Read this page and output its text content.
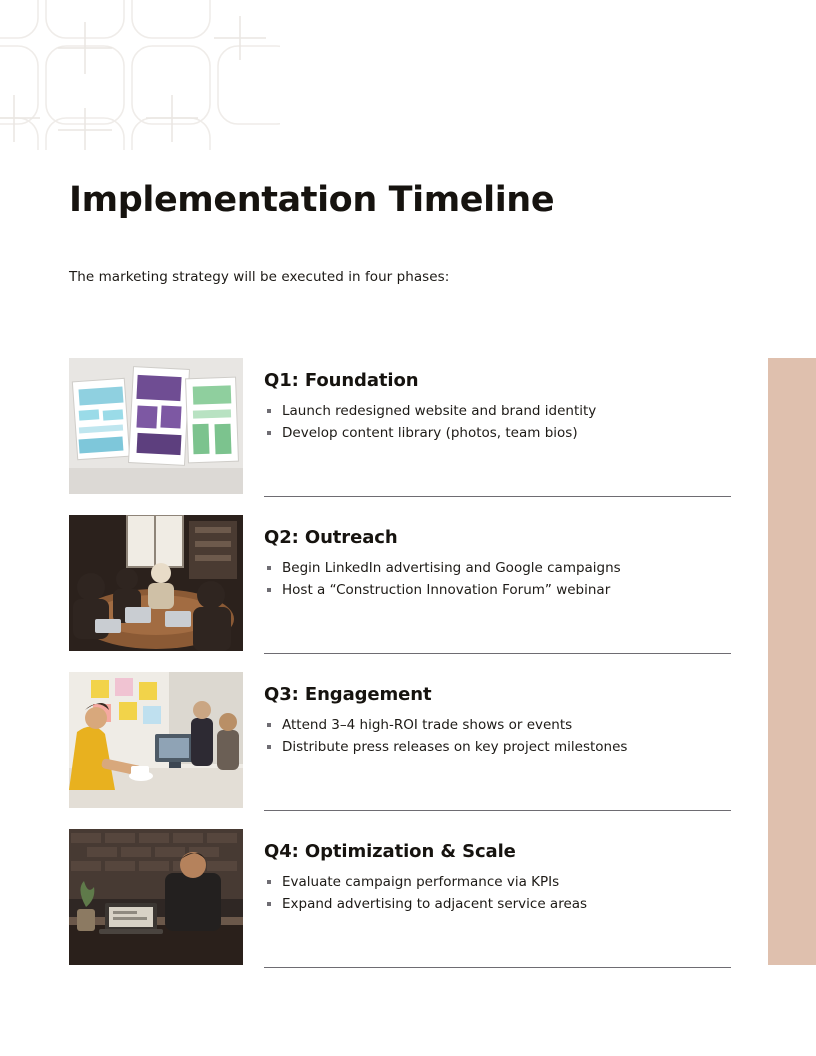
Implementation Timeline

The marketing strategy will be executed in four phases:

Q1: Foundation
Launch redesigned website and brand identity
Develop content library (photos, team bios)
Q2: Outreach
Begin LinkedIn advertising and Google campaigns
Host a “Construction Innovation Forum” webinar
Q3: Engagement
Attend 3–4 high-ROI trade shows or events
Distribute press releases on key project milestones
Q4: Optimization & Scale
Evaluate campaign performance via KPIs
Expand advertising to adjacent service areas
